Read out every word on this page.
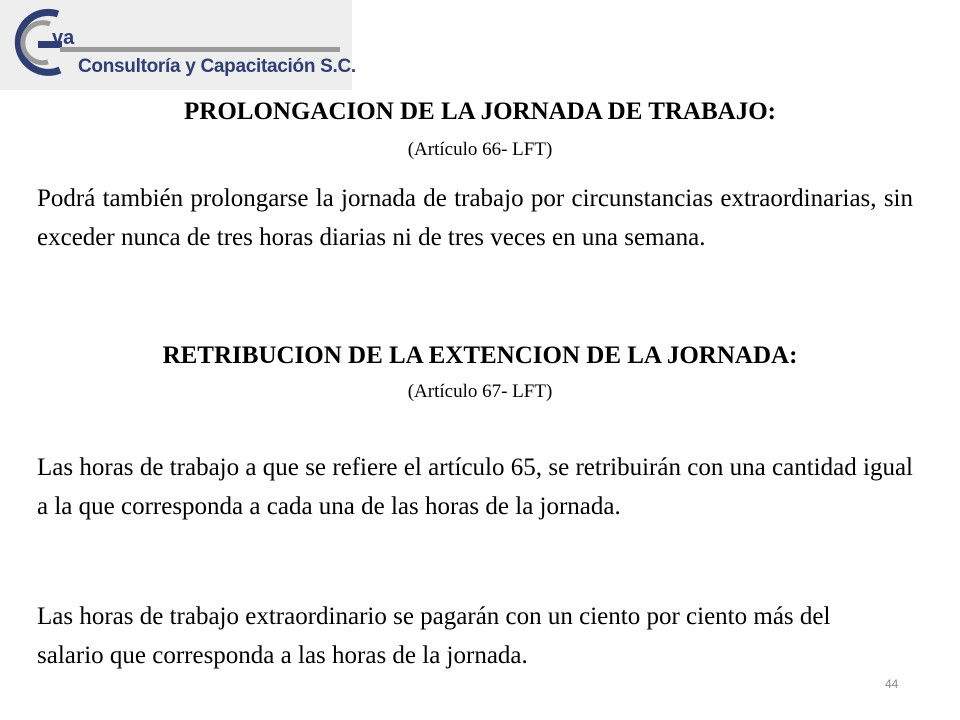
va
Consultoría y Capacitación S.C.
PROLONGACION DE LA JORNADA DE TRABAJO:
(Artículo 66- LFT)

Podrá también prolongarse la jornada de trabajo por circunstancias extraordinarias, sin exceder nunca de tres horas diarias ni de tres veces en una semana.

RETRIBUCION DE LA EXTENCION DE LA JORNADA:
(Artículo 67- LFT)

Las horas de trabajo a que se refiere el artículo 65, se retribuirán con una cantidad igual a la que corresponda a cada una de las horas de la jornada.

Las horas de trabajo extraordinario se pagarán con un ciento por ciento más del salario que corresponda a las horas de la jornada.

44
